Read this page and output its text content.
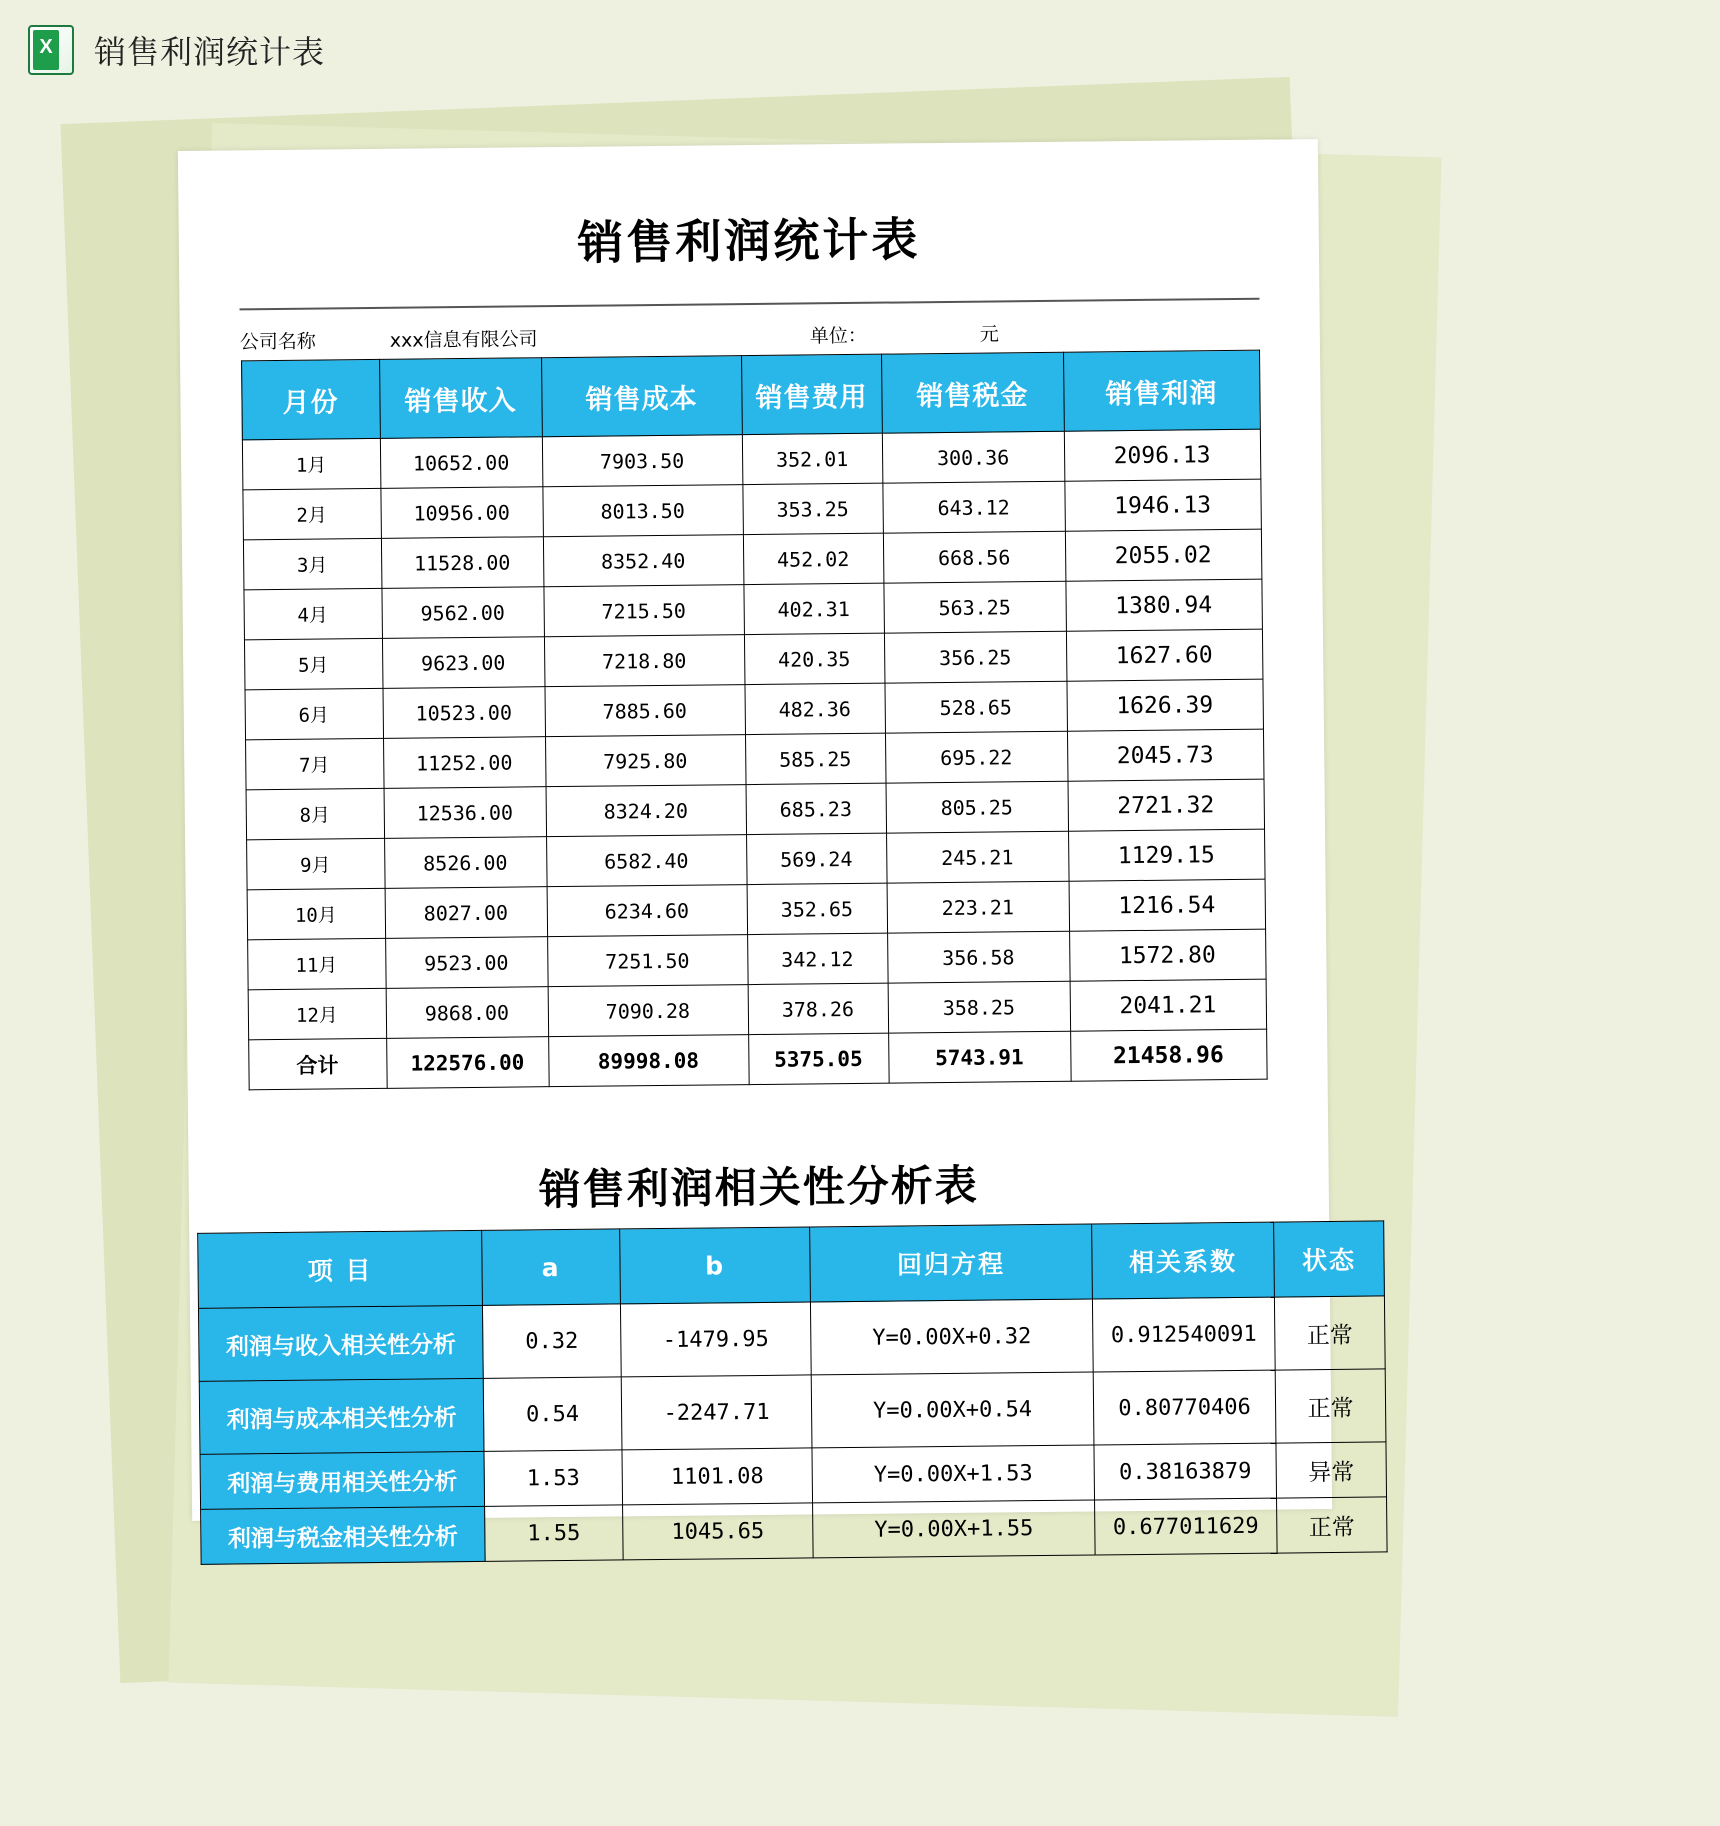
X
销售利润统计表
销售利润统计表
公司名称	xxx信息有限公司	单位：	元
月份	销售收入	销售成本	销售费用	销售税金	销售利润
1月	10652.00	7903.50	352.01	300.36	2096.13
2月	10956.00	8013.50	353.25	643.12	1946.13
3月	11528.00	8352.40	452.02	668.56	2055.02
4月	9562.00	7215.50	402.31	563.25	1380.94
5月	9623.00	7218.80	420.35	356.25	1627.60
6月	10523.00	7885.60	482.36	528.65	1626.39
7月	11252.00	7925.80	585.25	695.22	2045.73
8月	12536.00	8324.20	685.23	805.25	2721.32
9月	8526.00	6582.40	569.24	245.21	1129.15
10月	8027.00	6234.60	352.65	223.21	1216.54
11月	9523.00	7251.50	342.12	356.58	1572.80
12月	9868.00	7090.28	378.26	358.25	2041.21
合计	122576.00	89998.08	5375.05	5743.91	21458.96
销售利润相关性分析表
项 目	a	b	回归方程	相关系数	状态
利润与收入相关性分析	0.32	-1479.95	Y=0.00X+0.32	0.912540091	正常
利润与成本相关性分析	0.54	-2247.71	Y=0.00X+0.54	0.80770406	正常
利润与费用相关性分析	1.53	1101.08	Y=0.00X+1.53	0.38163879	异常
利润与税金相关性分析	1.55	1045.65	Y=0.00X+1.55	0.677011629	正常
